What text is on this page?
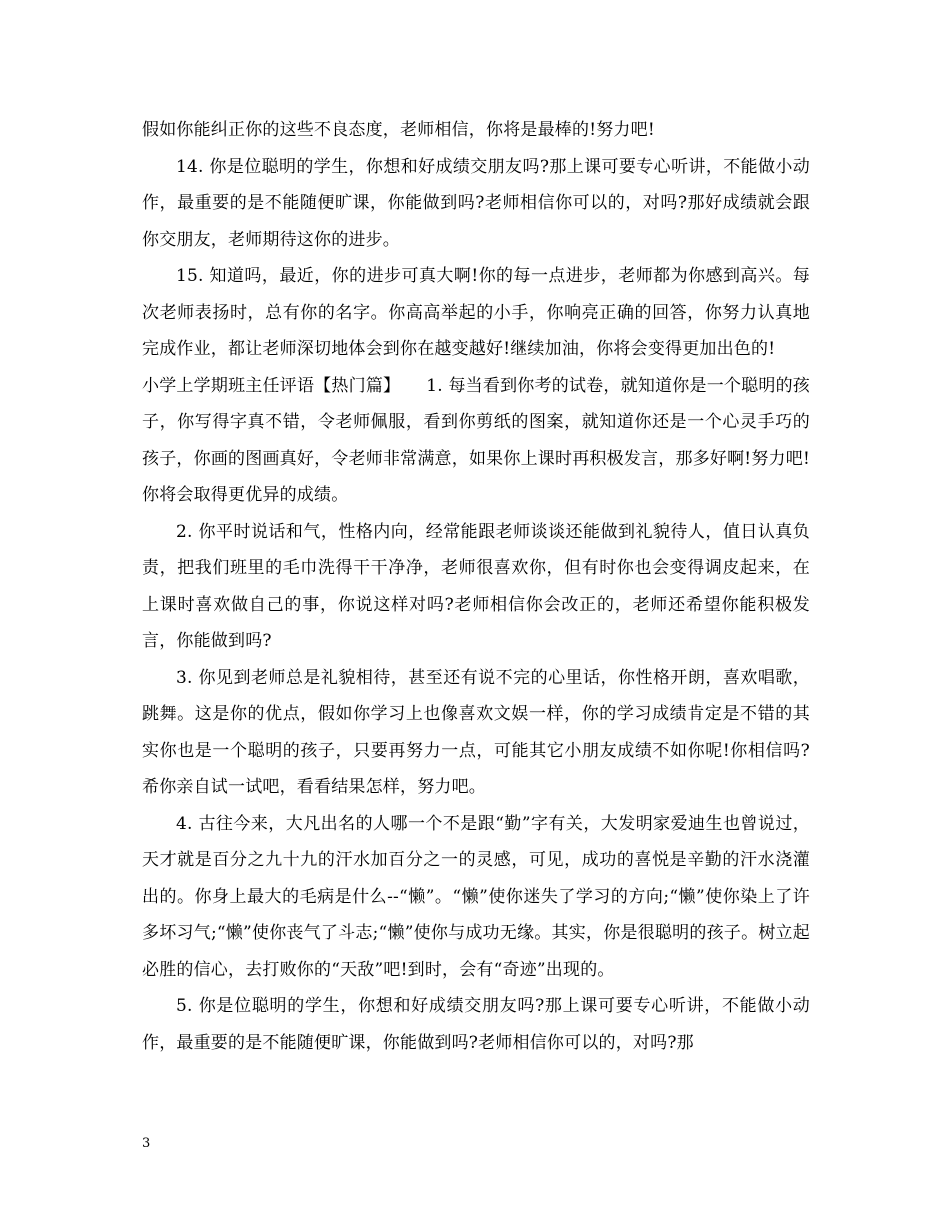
假如你能纠正你的这些不良态度，老师相信，你将是最棒的!努力吧!

14. 你是位聪明的学生，你想和好成绩交朋友吗?那上课可要专心听讲，不能做小动作，最重要的是不能随便旷课，你能做到吗?老师相信你可以的，对吗?那好成绩就会跟你交朋友，老师期待这你的进步。

15. 知道吗，最近，你的进步可真大啊!你的每一点进步，老师都为你感到高兴。每次老师表扬时，总有你的名字。你高高举起的小手，你响亮正确的回答，你努力认真地完成作业，都让老师深切地体会到你在越变越好!继续加油，你将会变得更加出色的!

小学上学期班主任评语【热门篇】　　1. 每当看到你考的试卷，就知道你是一个聪明的孩子，你写得字真不错，令老师佩服，看到你剪纸的图案，就知道你还是一个心灵手巧的孩子，你画的图画真好，令老师非常满意，如果你上课时再积极发言，那多好啊!努力吧!你将会取得更优异的成绩。

2. 你平时说话和气，性格内向，经常能跟老师谈谈还能做到礼貌待人，值日认真负责，把我们班里的毛巾洗得干干净净，老师很喜欢你，但有时你也会变得调皮起来，在上课时喜欢做自己的事，你说这样对吗?老师相信你会改正的，老师还希望你能积极发言，你能做到吗?

3. 你见到老师总是礼貌相待，甚至还有说不完的心里话，你性格开朗，喜欢唱歌，跳舞。这是你的优点，假如你学习上也像喜欢文娱一样，你的学习成绩肯定是不错的其实你也是一个聪明的孩子，只要再努力一点，可能其它小朋友成绩不如你呢!你相信吗?希你亲自试一试吧，看看结果怎样，努力吧。

4. 古往今来，大凡出名的人哪一个不是跟“勤”字有关，大发明家爱迪生也曾说过，天才就是百分之九十九的汗水加百分之一的灵感，可见，成功的喜悦是辛勤的汗水浇灌出的。你身上最大的毛病是什么--“懒”。“懒”使你迷失了学习的方向;“懒”使你染上了许多坏习气;“懒”使你丧气了斗志;“懒”使你与成功无缘。其实，你是很聪明的孩子。树立起必胜的信心，去打败你的“天敌”吧!到时，会有“奇迹”出现的。

5. 你是位聪明的学生，你想和好成绩交朋友吗?那上课可要专心听讲，不能做小动作，最重要的是不能随便旷课，你能做到吗?老师相信你可以的，对吗?那

3
